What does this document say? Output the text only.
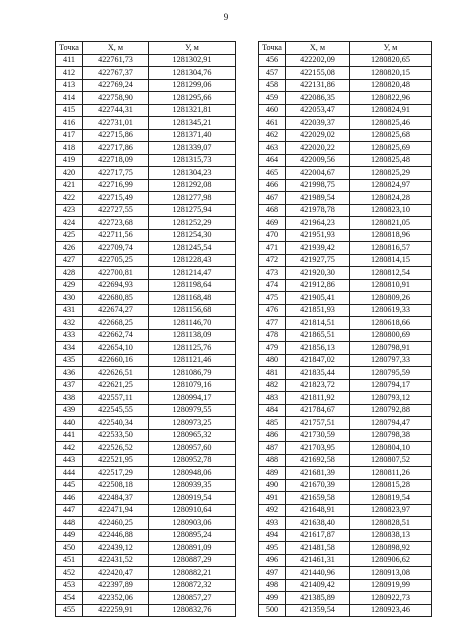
9
Точка	X, м	У, м
411	422761,73	1281302,91
412	422767,37	1281304,76
413	422769,24	1281299,06
414	422758,90	1281295,66
415	422744,31	1281321,81
416	422731,01	1281345,21
417	422715,86	1281371,40
418	422717,86	1281339,07
419	422718,09	1281315,73
420	422717,75	1281304,23
421	422716,99	1281292,08
422	422715,49	1281277,98
423	422727,55	1281275,94
424	422723,68	1281252,29
425	422711,56	1281254,30
426	422709,74	1281245,54
427	422705,25	1281228,43
428	422700,81	1281214,47
429	422694,93	1281198,64
430	422680,85	1281168,48
431	422674,27	1281156,68
432	422668,25	1281146,70
433	422662,74	1281138,09
434	422654,10	1281125,76
435	422660,16	1281121,46
436	422626,51	1281086,79
437	422621,25	1281079,16
438	422557,11	1280994,17
439	422545,55	1280979,55
440	422540,34	1280973,25
441	422533,50	1280965,32
442	422526,52	1280957,60
443	422521,95	1280952,78
444	422517,29	1280948,06
445	422508,18	1280939,35
446	422484,37	1280919,54
447	422471,94	1280910,64
448	422460,25	1280903,06
449	422446,88	1280895,24
450	422439,12	1280891,09
451	422431,52	1280887,29
452	422420,47	1280882,21
453	422397,89	1280872,32
454	422352,06	1280857,27
455	422259,91	1280832,76
Точка	X, м	У, м
456	422202,09	1280820,65
457	422155,08	1280820,15
458	422131,86	1280820,48
459	422086,35	1280822,96
460	422053,47	1280824,91
461	422039,37	1280825,46
462	422029,02	1280825,68
463	422020,22	1280825,69
464	422009,56	1280825,48
465	422004,67	1280825,29
466	421998,75	1280824,97
467	421989,54	1280824,28
468	421978,78	1280823,10
469	421964,23	1280821,05
470	421951,93	1280818,96
471	421939,42	1280816,57
472	421927,75	1280814,15
473	421920,30	1280812,54
474	421912,86	1280810,91
475	421905,41	1280809,26
476	421851,93	1280619,33
477	421814,51	1280618,66
478	421865,51	1280800,69
479	421856,13	1280798,91
480	421847,02	1280797,33
481	421835,44	1280795,59
482	421823,72	1280794,17
483	421811,92	1280793,12
484	421784,67	1280792,88
485	421757,51	1280794,47
486	421730,59	1280798,38
487	421703,95	1280804,10
488	421692,58	1280807,52
489	421681,39	1280811,26
490	421670,39	1280815,28
491	421659,58	1280819,54
492	421648,91	1280823,97
493	421638,40	1280828,51
494	421617,87	1280838,13
495	421481,58	1280898,92
496	421461,31	1280906,62
497	421440,96	1280913,08
498	421409,42	1280919,99
499	421385,89	1280922,73
500	421359,54	1280923,46
